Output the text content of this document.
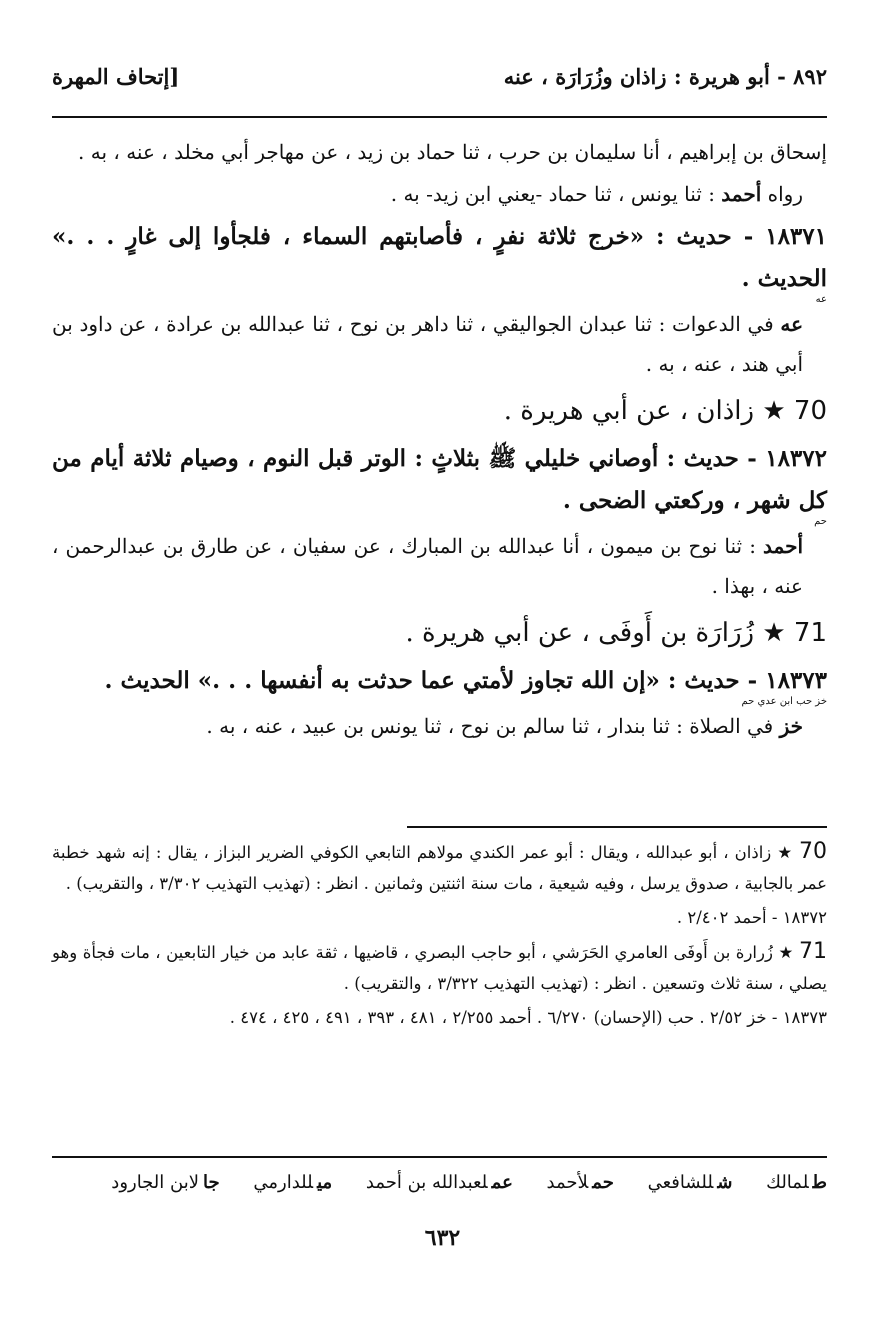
٨٩٢ - أبو هريرة : زاذان وزُرَارَة ، عنه
[إتحاف المهرة

إسحاق بن إبراهيم ، أنا سليمان بن حرب ، ثنا حماد بن زيد ، عن مهاجر أبي مخلد ، عنه ، به .

رواه أحمد : ثنا يونس ، ثنا حماد -يعني ابن زيد- به .

١٨٣٧١ - حديث : «خرج ثلاثة نفرٍ ، فأصابتهم السماء ، فلجأوا إلى غارٍ . . .» الحديث .
عه

عه في الدعوات : ثنا عبدان الجواليقي ، ثنا داهر بن نوح ، ثنا عبدالله بن عرادة ، عن داود بن أبي هند ، عنه ، به .

70 ★ زاذان ، عن أبي هريرة .

١٨٣٧٢ - حديث : أوصاني خليلي ﷺ بثلاثٍ : الوتر قبل النوم ، وصيام ثلاثة أيام من كل شهر ، وركعتي الضحى .
حم

أحمد : ثنا نوح بن ميمون ، أنا عبدالله بن المبارك ، عن سفيان ، عن طارق بن عبدالرحمن ، عنه ، بهذا .

71 ★ زُرَارَة بن أَوفَى ، عن أبي هريرة .

١٨٣٧٣ - حديث : «إن الله تجاوز لأمتي عما حدثت به أنفسها . . .» الحديث .
خز حب ابن عدي حم

خز في الصلاة : ثنا بندار ، ثنا سالم بن نوح ، ثنا يونس بن عبيد ، عنه ، به .

70 ★ زاذان ، أبو عبدالله ، ويقال : أبو عمر الكندي مولاهم التابعي الكوفي الضرير البزاز ، يقال : إنه شهد خطبة عمر بالجابية ، صدوق يرسل ، وفيه شيعية ، مات سنة اثنتين وثمانين . انظر : (تهذيب التهذيب ٣/٣٠٢ ، والتقريب) .

١٨٣٧٢ - أحمد ٢/٤٠٢ .

71 ★ زُرارة بن أَوفَى العامري الحَرَشي ، أبو حاجب البصري ، قاضيها ، ثقة عابد من خيار التابعين ، مات فجأة وهو يصلي ، سنة ثلاث وتسعين . انظر : (تهذيب التهذيب ٣/٣٢٢ ، والتقريب) .

١٨٣٧٣ - خز ٢/٥٢ . حب (الإحسان) ٦/٢٧٠ . أحمد ٢/٢٥٥ ، ٤٨١ ، ٣٩٣ ، ٤٩١ ، ٤٢٥ ، ٤٧٤ .

طلمالك شللشافعي حملأحمد عملعبدالله بن أحمد ميللدارمي جالابن الجارود
٦٣٢
